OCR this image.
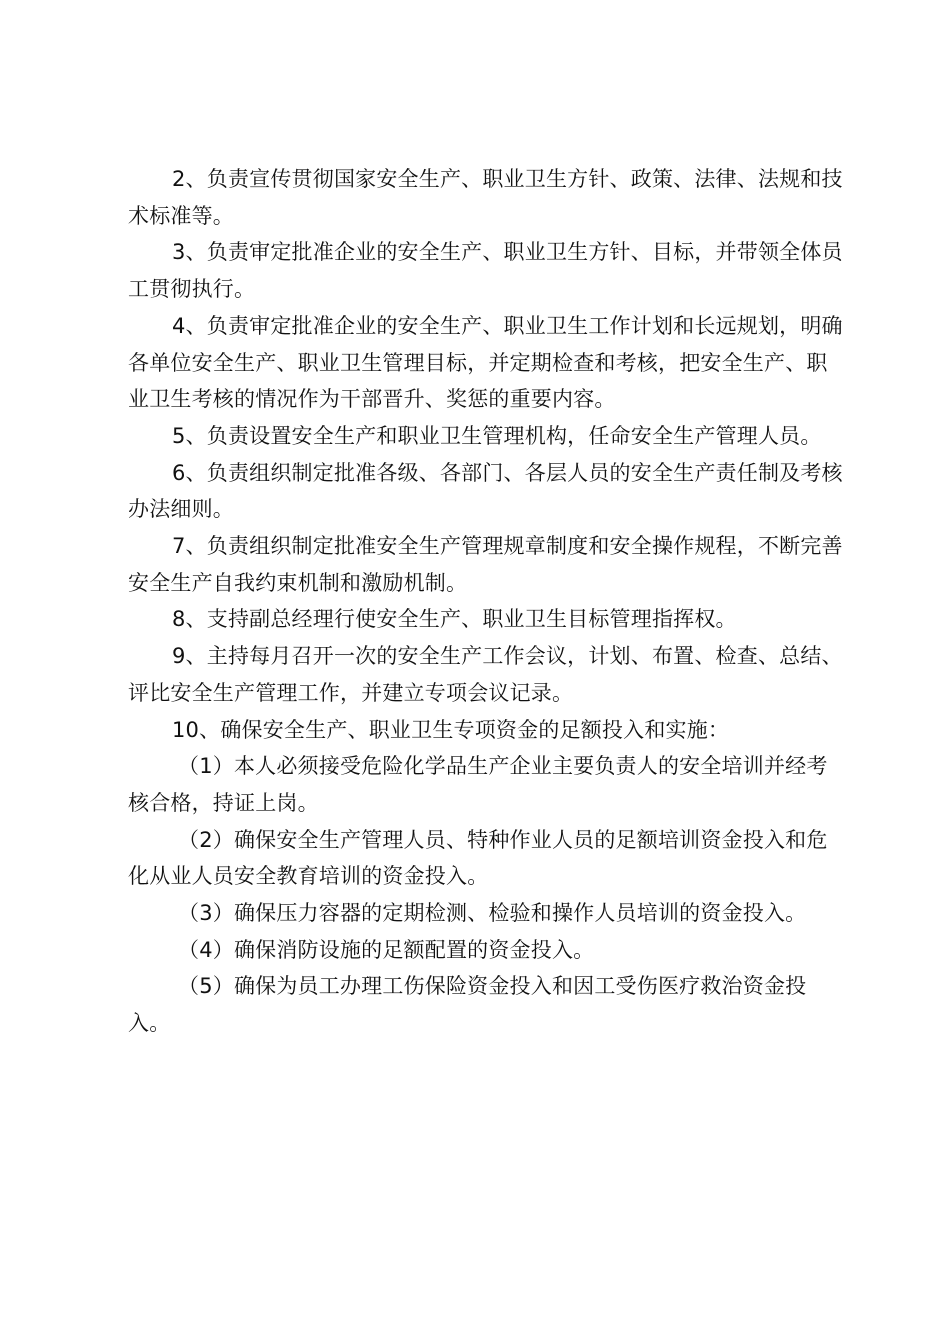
2、负责宣传贯彻国家安全生产、职业卫生方针、政策、法律、法规和技术标准等。

3、负责审定批准企业的安全生产、职业卫生方针、目标，并带领全体员工贯彻执行。

4、负责审定批准企业的安全生产、职业卫生工作计划和长远规划，明确各单位安全生产、职业卫生管理目标，并定期检查和考核，把安全生产、职业卫生考核的情况作为干部晋升、奖惩的重要内容。

5、负责设置安全生产和职业卫生管理机构，任命安全生产管理人员。

6、负责组织制定批准各级、各部门、各层人员的安全生产责任制及考核办法细则。

7、负责组织制定批准安全生产管理规章制度和安全操作规程，不断完善安全生产自我约束机制和激励机制。

8、支持副总经理行使安全生产、职业卫生目标管理指挥权。

9、主持每月召开一次的安全生产工作会议，计划、布置、检查、总结、评比安全生产管理工作，并建立专项会议记录。

10、确保安全生产、职业卫生专项资金的足额投入和实施：

（1）本人必须接受危险化学品生产企业主要负责人的安全培训并经考核合格，持证上岗。

（2）确保安全生产管理人员、特种作业人员的足额培训资金投入和危化从业人员安全教育培训的资金投入。

（3）确保压力容器的定期检测、检验和操作人员培训的资金投入。

（4）确保消防设施的足额配置的资金投入。

（5）确保为员工办理工伤保险资金投入和因工受伤医疗救治资金投入。
